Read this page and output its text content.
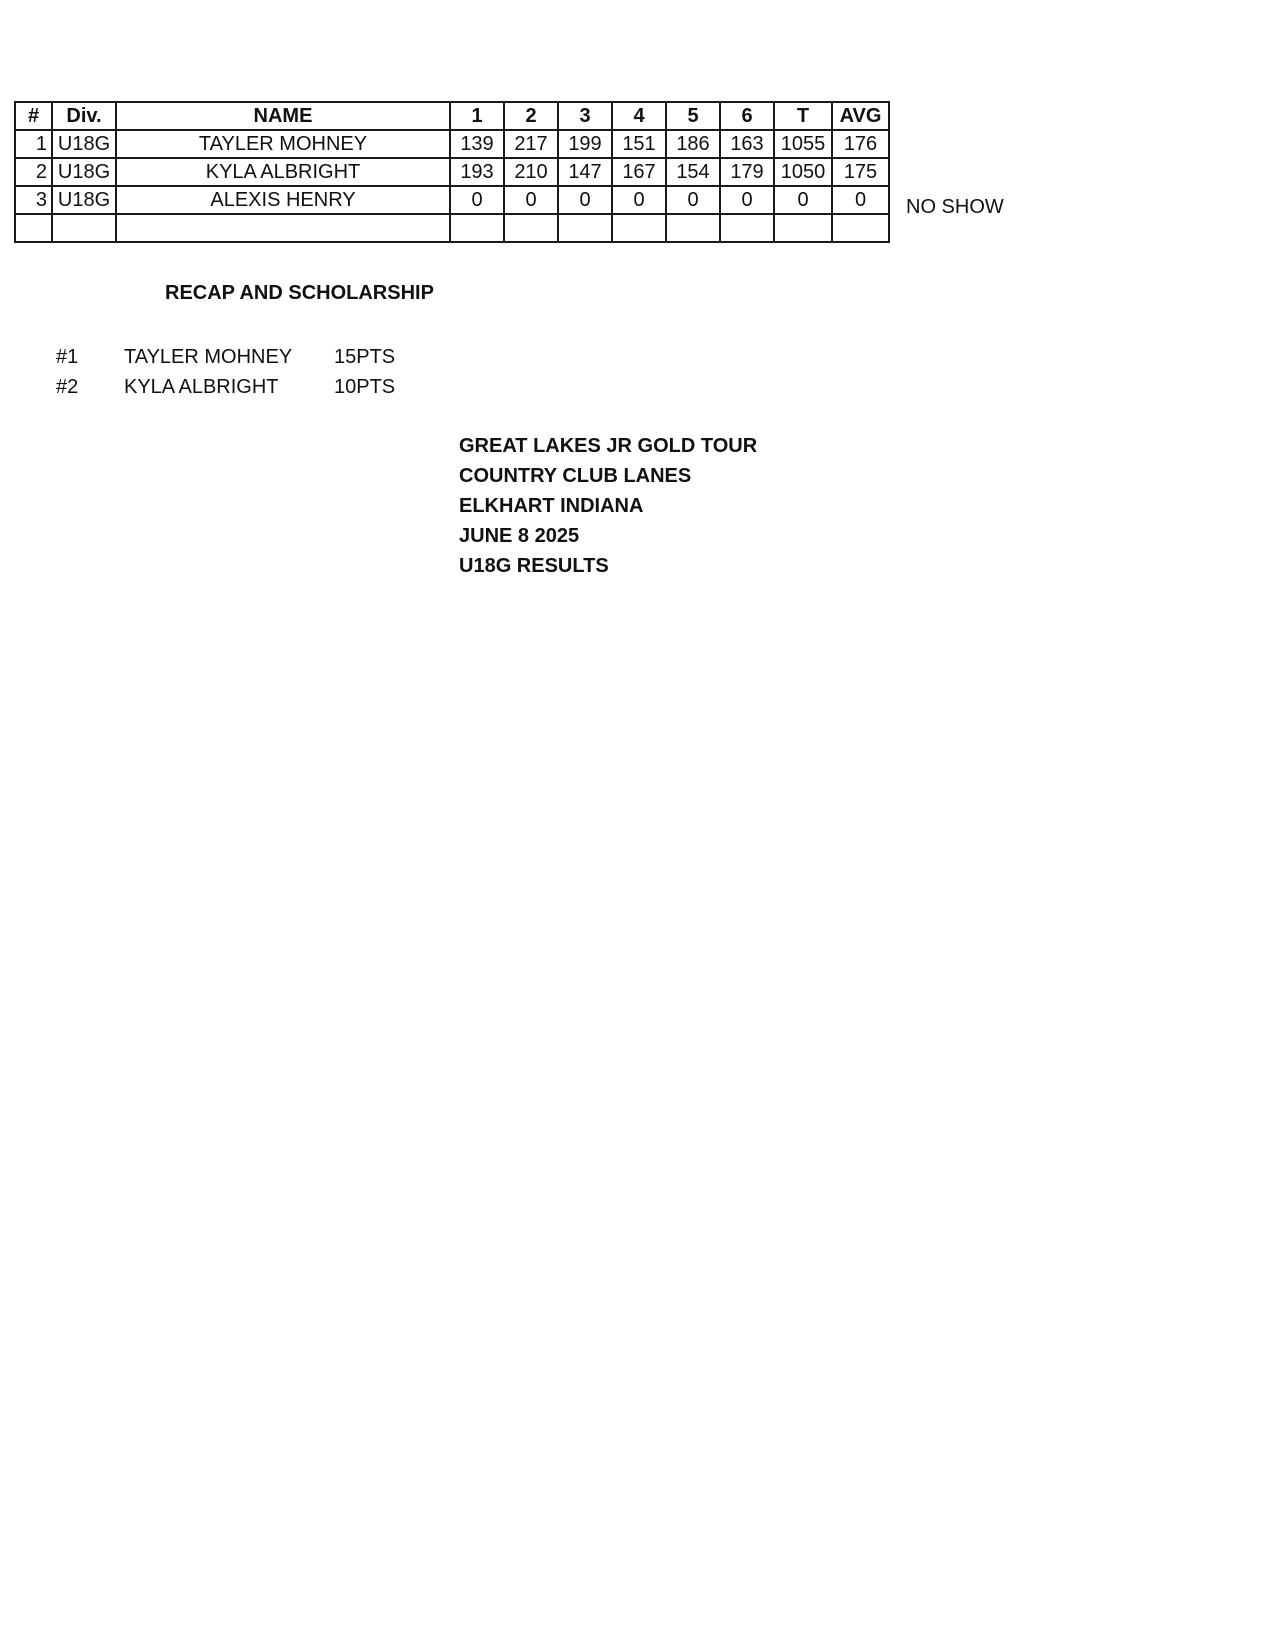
#	Div.	NAME	1	2	3	4	5	6	T	AVG
1	U18G	TAYLER MOHNEY	139	217	199	151	186	163	1055	176
2	U18G	KYLA ALBRIGHT	193	210	147	167	154	179	1050	175
3	U18G	ALEXIS HENRY	0	0	0	0	0	0	0	0
										NO SHOW
RECAP AND SCHOLARSHIP
#1	TAYLER MOHNEY	15PTS
#2	KYLA ALBRIGHT	10PTS
GREAT LAKES JR GOLD TOUR
COUNTRY CLUB LANES
ELKHART INDIANA
JUNE 8 2025
U18G RESULTS
